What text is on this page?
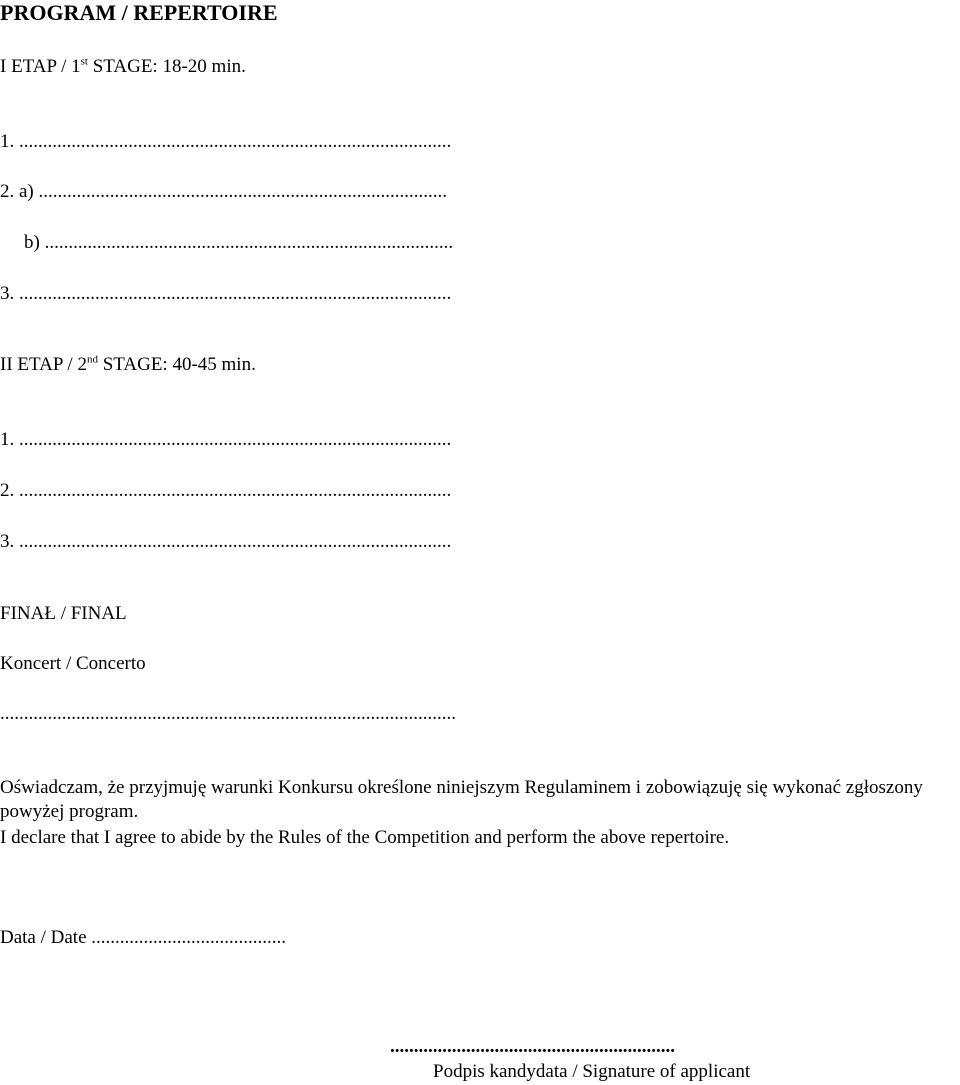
PROGRAM / REPERTOIRE
I ETAP / 1st STAGE: 18-20 min.
1. ...........................................................................................
2. a) ......................................................................................
b) ......................................................................................
3. ...........................................................................................
II ETAP / 2nd STAGE: 40-45 min.
1. ...........................................................................................
2. ...........................................................................................
3. ...........................................................................................
FINAŁ / FINAL
Koncert / Concerto
................................................................................................
Oświadczam, że przyjmuję warunki Konkursu określone niniejszym Regulaminem i zobowiązuję się wykonać zgłoszony powyżej program.
I declare that I agree to abide by the Rules of the Competition and perform the above repertoire.
Data / Date .........................................
............................................................
Podpis kandydata / Signature of applicant
